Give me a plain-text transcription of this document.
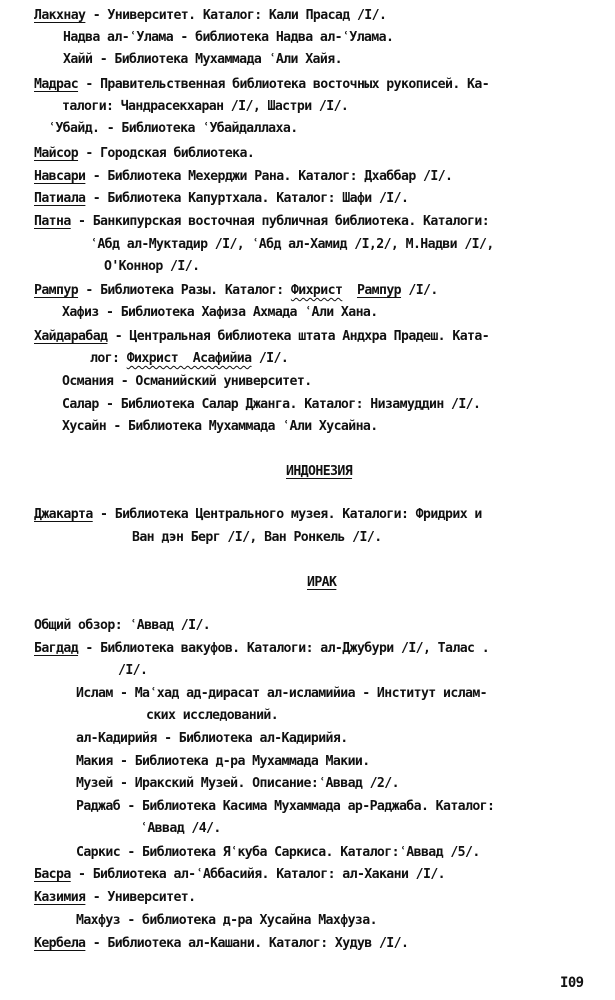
Лакхнау - Университет. Каталог: Кали Прасад /I/.
Надва ал-ʿУлама - библиотека Надва ал-ʿУлама.
Хайй - Библиотека Мухаммада ʿАли Хайя.
Мадрас - Правительственная библиотека восточных рукописей. Ка-
талоги: Чандрасекхаран /I/, Шастри /I/.
ʿУбайд. - Библиотека ʿУбайдаллаха.
Майсор - Городская библиотека.
Навсари - Библиотека Мехерджи Рана. Каталог: Дхаббар /I/.
Патиала - Библиотека Капуртхала. Каталог: Шафи /I/.
Патна - Банкипурская восточная публичная библиотека. Каталоги:
ʿАбд ал-Муктадир /I/, ʿАбд ал-Хамид /I,2/, М.Надви /I/,
О'Коннор /I/.
Рампур - Библиотека Разы. Каталог: Фихрист Рампур /I/.
Хафиз - Библиотека Хафиза Ахмада ʿАли Хана.
Хайдарабад - Центральная библиотека штата Андхра Прадеш. Ката-
лог: Фихрист  Асафийиа /I/.
Османия - Османийский университет.
Салар - Библиотека Салар Джанга. Каталог: Низамуддин /I/.
Хусайн - Библиотека Мухаммада ʿАли Хусайна.
ИНДОНЕЗИЯ
Джакарта - Библиотека Центрального музея. Каталоги: Фридрих и
Ван дэн Берг /I/, Ван Ронкель /I/.
ИРАК
Общий обзор: ʿАввад /I/.
Багдад - Библиотека вакуфов. Каталоги: ал-Джубури /I/, Талас .
/I/.
Ислам - Маʿхад ад-дирасат ал-исламийиа - Институт ислам-
ских исследований.
ал-Кадирийя - Библиотека ал-Кадирийя.
Макия - Библиотека д-ра Мухаммада Макии.
Музей - Иракский Музей. Описание:ʿАввад /2/.
Раджаб - Библиотека Касима Мухаммада ар-Раджаба. Каталог:
ʿАввад /4/.
Саркис - Библиотека Яʿкуба Саркиса. Каталог:ʿАввад /5/.
Басра - Библиотека ал-ʿАббасийя. Каталог: ал-Хакани /I/.
Казимия - Университет.
Махфуз - библиотека д-ра Хусайна Махфуза.
Кербела - Библиотека ал-Кашани. Каталог: Худув /I/.
I09
